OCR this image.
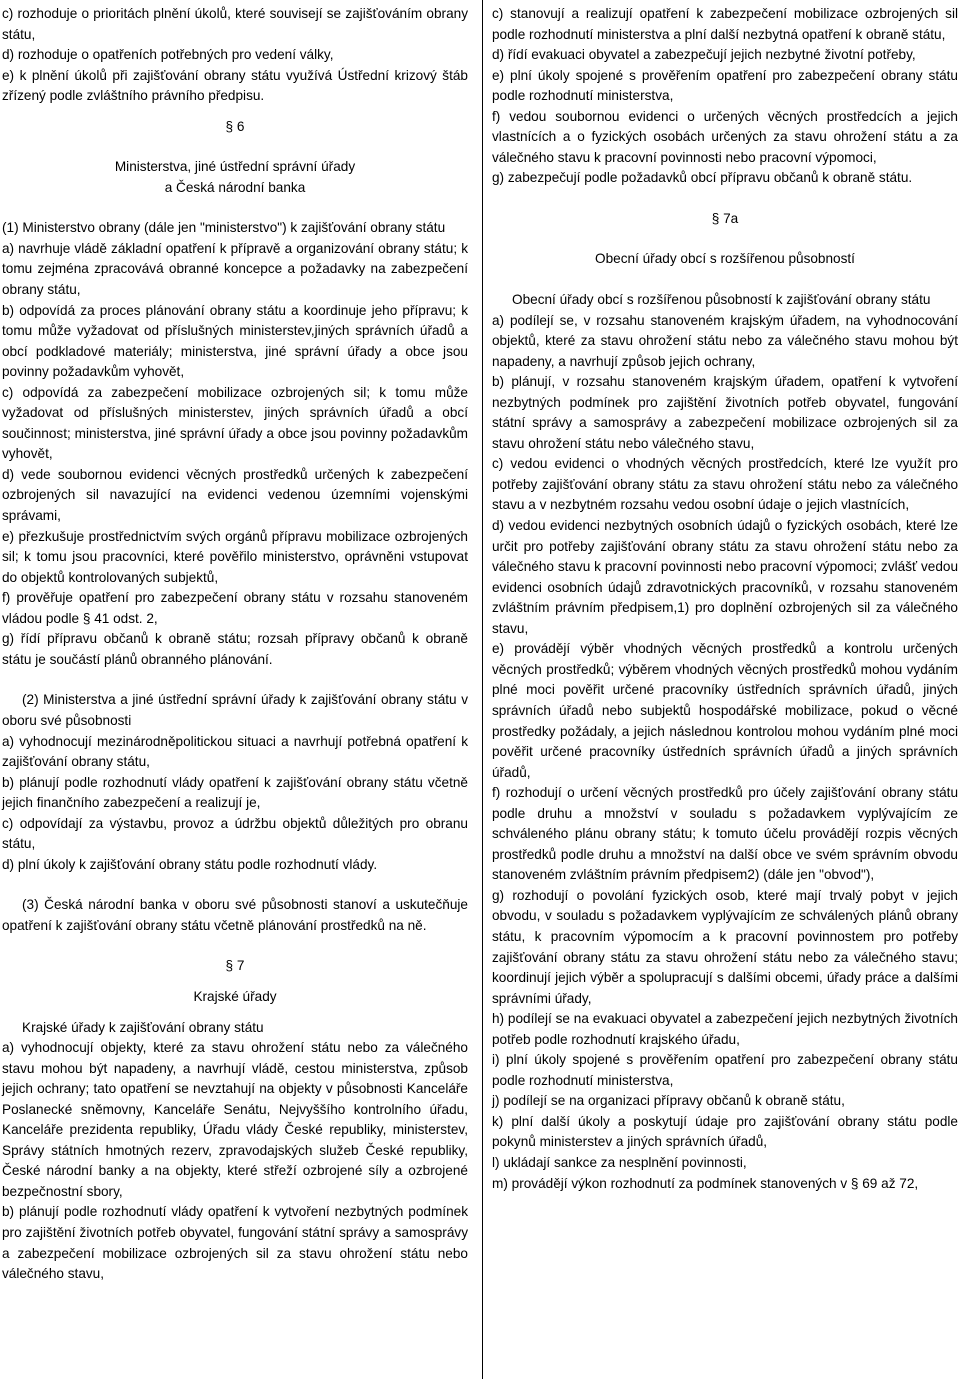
c) rozhoduje o prioritách plnění úkolů, které souvisejí se zajišťováním obrany státu,

d) rozhoduje o opatřeních potřebných pro vedení války,

e) k plnění úkolů při zajišťování obrany státu využívá Ústřední krizový štáb zřízený podle zvláštního právního předpisu.

§ 6

Ministerstva, jiné ústřední správní úřady

a Česká národní banka

(1) Ministerstvo obrany (dále jen "ministerstvo") k zajišťování obrany státu

a) navrhuje vládě základní opatření k přípravě a organizování obrany státu; k tomu zejména zpracovává obranné koncepce a požadavky na zabezpečení obrany státu,

b) odpovídá za proces plánování obrany státu a koordinuje jeho přípravu; k tomu může vyžadovat od příslušných ministerstev,jiných správních úřadů a obcí podkladové materiály; ministerstva, jiné správní úřady a obce jsou povinny požadavkům vyhovět,

c) odpovídá za zabezpečení mobilizace ozbrojených sil; k tomu může vyžadovat od příslušných ministerstev, jiných správních úřadů a obcí součinnost; ministerstva, jiné správní úřady a obce jsou povinny požadavkům vyhovět,

d) vede soubornou evidenci věcných prostředků určených k zabezpečení ozbrojených sil navazující na evidenci vedenou územními vojenskými správami,

e) přezkušuje prostřednictvím svých orgánů přípravu mobilizace ozbrojených sil; k tomu jsou pracovníci, které pověřilo ministerstvo, oprávněni vstupovat do objektů kontrolovaných subjektů,

f) prověřuje opatření pro zabezpečení obrany státu v rozsahu stanoveném vládou podle § 41 odst. 2,

g) řídí přípravu občanů k obraně státu; rozsah přípravy občanů k obraně státu je součástí plánů obranného plánování.

(2) Ministerstva a jiné ústřední správní úřady k zajišťování obrany státu v oboru své působnosti

a) vyhodnocují mezinárodněpolitickou situaci a navrhují potřebná opatření k zajišťování obrany státu,

b) plánují podle rozhodnutí vlády opatření k zajišťování obrany státu včetně jejich finančního zabezpečení a realizují je,

c) odpovídají za výstavbu, provoz a údržbu objektů důležitých pro obranu státu,

d) plní úkoly k zajišťování obrany státu podle rozhodnutí vlády.

(3) Česká národní banka v oboru své působnosti stanoví a uskutečňuje opatření k zajišťování obrany státu včetně plánování prostředků na ně.

§ 7

Krajské úřady

Krajské úřady k zajišťování obrany státu

a) vyhodnocují objekty, které za stavu ohrožení státu nebo za válečného stavu mohou být napadeny, a navrhují vládě, cestou ministerstva, způsob jejich ochrany; tato opatření se nevztahují na objekty v působnosti Kanceláře Poslanecké sněmovny, Kanceláře Senátu, Nejvyššího kontrolního úřadu, Kanceláře prezidenta republiky, Úřadu vlády České republiky, ministerstev, Správy státních hmotných rezerv, zpravodajských služeb České republiky, České národní banky a na objekty, které střeží ozbrojené síly a ozbrojené bezpečnostní sbory,

b) plánují podle rozhodnutí vlády opatření k vytvoření nezbytných podmínek pro zajištění životních potřeb obyvatel, fungování státní správy a samosprávy a zabezpečení mobilizace ozbrojených sil za stavu ohrožení státu nebo válečného stavu,

c) stanovují a realizují opatření k zabezpečení mobilizace ozbrojených sil podle rozhodnutí ministerstva a plní další nezbytná opatření k obraně státu,

d) řídí evakuaci obyvatel a zabezpečují jejich nezbytné životní potřeby,

e) plní úkoly spojené s prověřením opatření pro zabezpečení obrany státu podle rozhodnutí ministerstva,

f) vedou soubornou evidenci o určených věcných prostředcích a jejich vlastnících a o fyzických osobách určených za stavu ohrožení státu a za válečného stavu k pracovní povinnosti nebo pracovní výpomoci,

g) zabezpečují podle požadavků obcí přípravu občanů k obraně státu.

§ 7a

Obecní úřady obcí s rozšířenou působností

Obecní úřady obcí s rozšířenou působností k zajišťování obrany státu

a) podílejí se, v rozsahu stanoveném krajským úřadem, na vyhodnocování objektů, které za stavu ohrožení státu nebo za válečného stavu mohou být napadeny, a navrhují způsob jejich ochrany,

b) plánují, v rozsahu stanoveném krajským úřadem, opatření k vytvoření nezbytných podmínek pro zajištění životních potřeb obyvatel, fungování státní správy a samosprávy a zabezpečení mobilizace ozbrojených sil za stavu ohrožení státu nebo válečného stavu,

c) vedou evidenci o vhodných věcných prostředcích, které lze využít pro potřeby zajišťování obrany státu za stavu ohrožení státu nebo za válečného stavu a v nezbytném rozsahu vedou osobní údaje o jejich vlastnících,

d) vedou evidenci nezbytných osobních údajů o fyzických osobách, které lze určit pro potřeby zajišťování obrany státu za stavu ohrožení státu nebo za válečného stavu k pracovní povinnosti nebo pracovní výpomoci; zvlášť vedou evidenci osobních údajů zdravotnických pracovníků, v rozsahu stanoveném zvláštním právním předpisem,1) pro doplnění ozbrojených sil za válečného stavu,

e) provádějí výběr vhodných věcných prostředků a kontrolu určených věcných prostředků; výběrem vhodných věcných prostředků mohou vydáním plné moci pověřit určené pracovníky ústředních správních úřadů, jiných správních úřadů nebo subjektů hospodářské mobilizace, pokud o věcné prostředky požádaly, a jejich následnou kontrolou mohou vydáním plné moci pověřit určené pracovníky ústředních správních úřadů a jiných správních úřadů,

f) rozhodují o určení věcných prostředků pro účely zajišťování obrany státu podle druhu a množství v souladu s požadavkem vyplývajícím ze schváleného plánu obrany státu; k tomuto účelu provádějí rozpis věcných prostředků podle druhu a množství na další obce ve svém správním obvodu stanoveném zvláštním právním předpisem2) (dále jen "obvod"),

g) rozhodují o povolání fyzických osob, které mají trvalý pobyt v jejich obvodu, v souladu s požadavkem vyplývajícím ze schválených plánů obrany státu, k pracovním výpomocím a k pracovní povinnostem pro potřeby zajišťování obrany státu za stavu ohrožení státu nebo za válečného stavu; koordinují jejich výběr a spolupracují s dalšími obcemi, úřady práce a dalšími správními úřady,

h) podílejí se na evakuaci obyvatel a zabezpečení jejich nezbytných životních potřeb podle rozhodnutí krajského úřadu,

i) plní úkoly spojené s prověřením opatření pro zabezpečení obrany státu podle rozhodnutí ministerstva,

j) podílejí se na organizaci přípravy občanů k obraně státu,

k) plní další úkoly a poskytují údaje pro zajišťování obrany státu podle pokynů ministerstev a jiných správních úřadů,

l) ukládají sankce za nesplnění povinnosti,

m) provádějí výkon rozhodnutí za podmínek stanovených v § 69 až 72,
